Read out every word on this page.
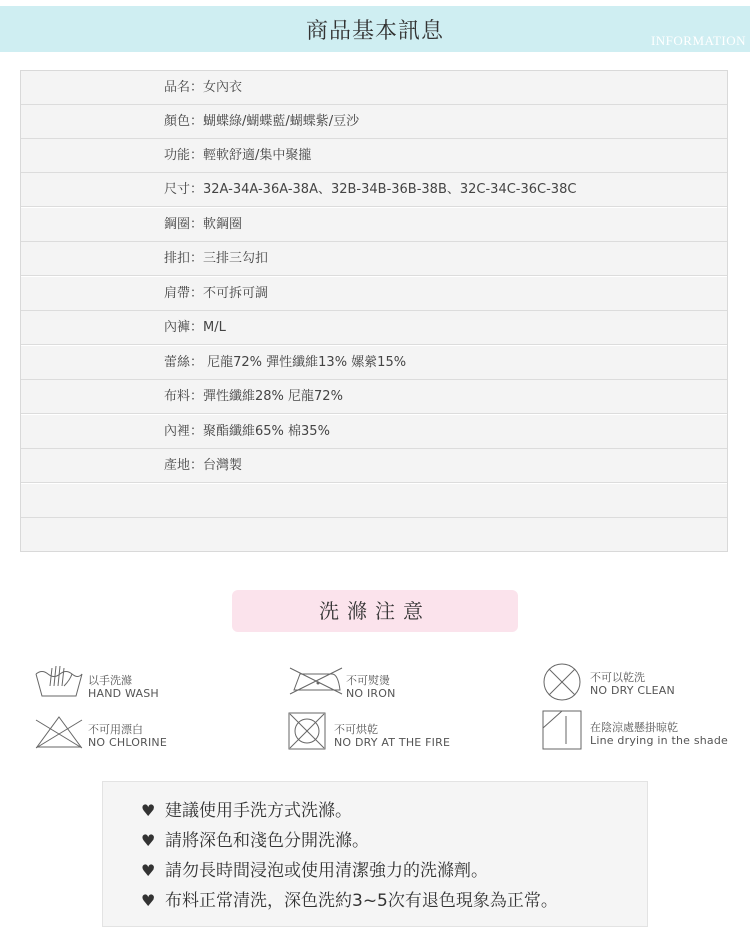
商品基本訊息	INFORMATION
品名：女內衣
顏色：蝴蝶綠/蝴蝶藍/蝴蝶紫/豆沙
功能：輕軟舒適/集中聚攏
尺寸：32A-34A-36A-38A、32B-34B-36B-38B、32C-34C-36C-38C
鋼圈：軟鋼圈
排扣：三排三勾扣
肩帶：不可拆可調
內褲：M/L
蕾絲： 尼龍72% 彈性纖維13% 嫘縈15%
布料：彈性纖維28% 尼龍72%
內裡：聚酯纖維65% 棉35%
產地：台灣製
洗滌注意
以手洗滌
HAND WASH
不可熨燙
NO IRON
不可以乾洗
NO DRY CLEAN
不可用漂白
NO CHLORINE
不可烘乾
NO DRY AT THE FIRE
在陰涼處懸掛晾乾
Line drying in the shade
♥ 建議使用手洗方式洗滌。
♥ 請將深色和淺色分開洗滌。
♥ 請勿長時間浸泡或使用清潔強力的洗滌劑。
♥ 布料正常清洗，深色洗約3~5次有退色現象為正常。
